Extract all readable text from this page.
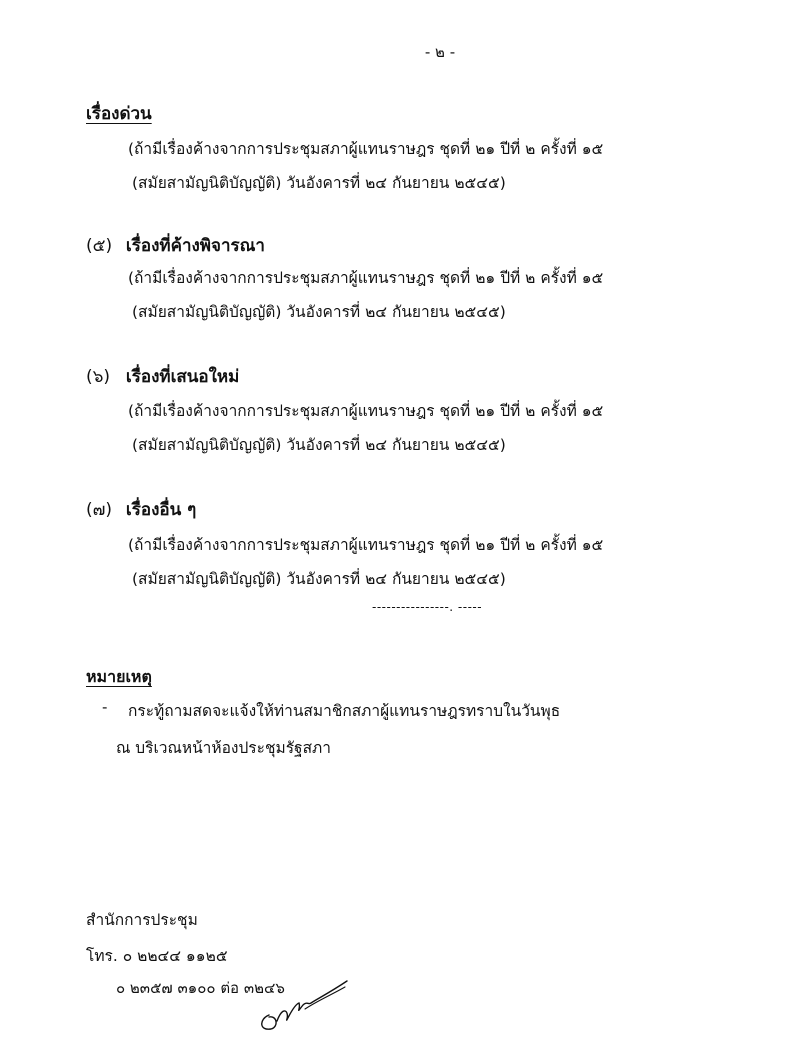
- ๒ -
เรื่องด่วน
(ถ้ามีเรื่องค้างจากการประชุมสภาผู้แทนราษฎร ชุดที่ ๒๑ ปีที่ ๒ ครั้งที่ ๑๕
(สมัยสามัญนิติบัญญัติ) วันอังคารที่ ๒๔ กันยายน ๒๕๔๕)
(๕) เรื่องที่ค้างพิจารณา
(ถ้ามีเรื่องค้างจากการประชุมสภาผู้แทนราษฎร ชุดที่ ๒๑ ปีที่ ๒ ครั้งที่ ๑๕
(สมัยสามัญนิติบัญญัติ) วันอังคารที่ ๒๔ กันยายน ๒๕๔๕)
(๖) เรื่องที่เสนอใหม่
(ถ้ามีเรื่องค้างจากการประชุมสภาผู้แทนราษฎร ชุดที่ ๒๑ ปีที่ ๒ ครั้งที่ ๑๕
(สมัยสามัญนิติบัญญัติ) วันอังคารที่ ๒๔ กันยายน ๒๕๔๕)
(๗) เรื่องอื่น ๆ
(ถ้ามีเรื่องค้างจากการประชุมสภาผู้แทนราษฎร ชุดที่ ๒๑ ปีที่ ๒ ครั้งที่ ๑๕
(สมัยสามัญนิติบัญญัติ) วันอังคารที่ ๒๔ กันยายน ๒๕๔๕)
----------------. -----
หมายเหตุ
- กระทู้ถามสดจะแจ้งให้ท่านสมาชิกสภาผู้แทนราษฎรทราบในวันพุธ
ณ บริเวณหน้าห้องประชุมรัฐสภา
สำนักการประชุม
โทร. ๐ ๒๒๔๔ ๑๑๒๕
๐ ๒๓๕๗ ๓๑๐๐ ต่อ ๓๒๔๖
